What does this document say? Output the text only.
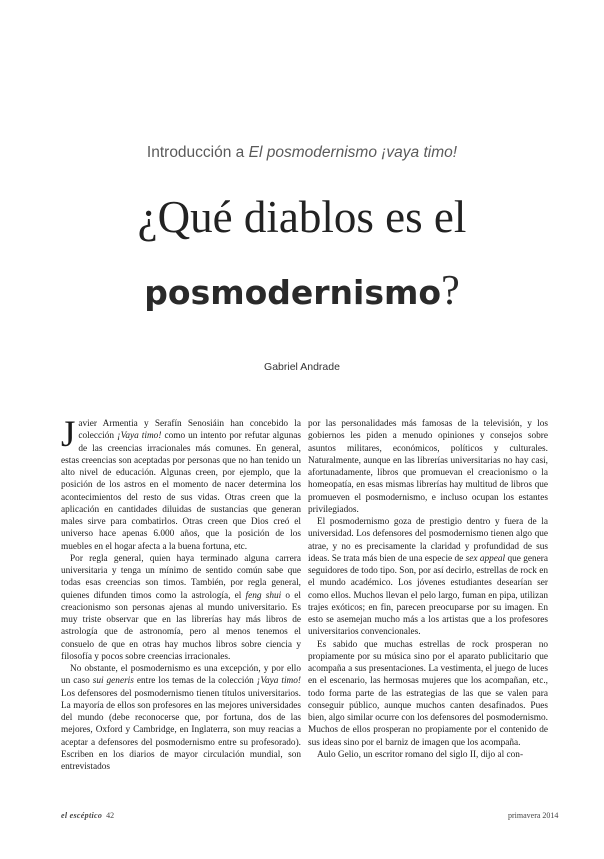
Introducción a El posmodernismo ¡vaya timo!
¿Qué diablos es el
posmodernismo?
Gabriel Andrade

Javier Armentia y Serafín Senosiáin han concebido la colección ¡Vaya timo! como un intento por refutar algunas de las creencias irracionales más comunes. En general, estas creencias son aceptadas por personas que no han tenido un alto nivel de educación. Algunas creen, por ejemplo, que la posición de los astros en el momento de nacer determina los acontecimientos del resto de sus vidas. Otras creen que la aplicación en cantidades diluidas de sustancias que generan males sirve para combatirlos. Otras creen que Dios creó el universo hace apenas 6.000 años, que la posición de los muebles en el hogar afecta a la buena fortuna, etc.

Por regla general, quien haya terminado alguna carrera universitaria y tenga un mínimo de sentido común sabe que todas esas creencias son timos. También, por regla general, quienes difunden timos como la astrología, el feng shui o el creacionismo son personas ajenas al mundo universitario. Es muy triste observar que en las librerías hay más libros de astrología que de astronomía, pero al menos tenemos el consuelo de que en otras hay muchos libros sobre ciencia y filosofía y pocos sobre creencias irracionales.

No obstante, el posmodernismo es una excepción, y por ello un caso sui generis entre los temas de la colección ¡Vaya timo! Los defensores del posmodernismo tienen títulos universitarios. La mayoría de ellos son profesores en las mejores universidades del mundo (debe reconocerse que, por fortuna, dos de las mejores, Oxford y Cambridge, en Inglaterra, son muy reacias a aceptar a defensores del posmodernismo entre su profesorado). Escriben en los diarios de mayor circulación mundial, son entrevistados

por las personalidades más famosas de la televisión, y los gobiernos les piden a menudo opiniones y consejos sobre asuntos militares, económicos, políticos y culturales. Naturalmente, aunque en las librerías universitarias no hay casi, afortunadamente, libros que promuevan el creacionismo o la homeopatía, en esas mismas librerías hay multitud de libros que promueven el posmodernismo, e incluso ocupan los estantes privilegiados.

El posmodernismo goza de prestigio dentro y fuera de la universidad. Los defensores del posmodernismo tienen algo que atrae, y no es precisamente la claridad y profundidad de sus ideas. Se trata más bien de una especie de sex appeal que genera seguidores de todo tipo. Son, por así decirlo, estrellas de rock en el mundo académico. Los jóvenes estudiantes desearían ser como ellos. Muchos llevan el pelo largo, fuman en pipa, utilizan trajes exóticos; en fin, parecen preocuparse por su imagen. En esto se asemejan mucho más a los artistas que a los profesores universitarios convencionales.

Es sabido que muchas estrellas de rock prosperan no propiamente por su música sino por el aparato publicitario que acompaña a sus presentaciones. La vestimenta, el juego de luces en el escenario, las hermosas mujeres que los acompañan, etc., todo forma parte de las estrategias de las que se valen para conseguir público, aunque muchos canten desafinados. Pues bien, algo similar ocurre con los defensores del posmodernismo. Muchos de ellos prosperan no propiamente por el contenido de sus ideas sino por el barniz de imagen que los acompaña.

Aulo Gelio, un escritor romano del siglo II, dijo al con-

el escéptico 42	primavera 2014
